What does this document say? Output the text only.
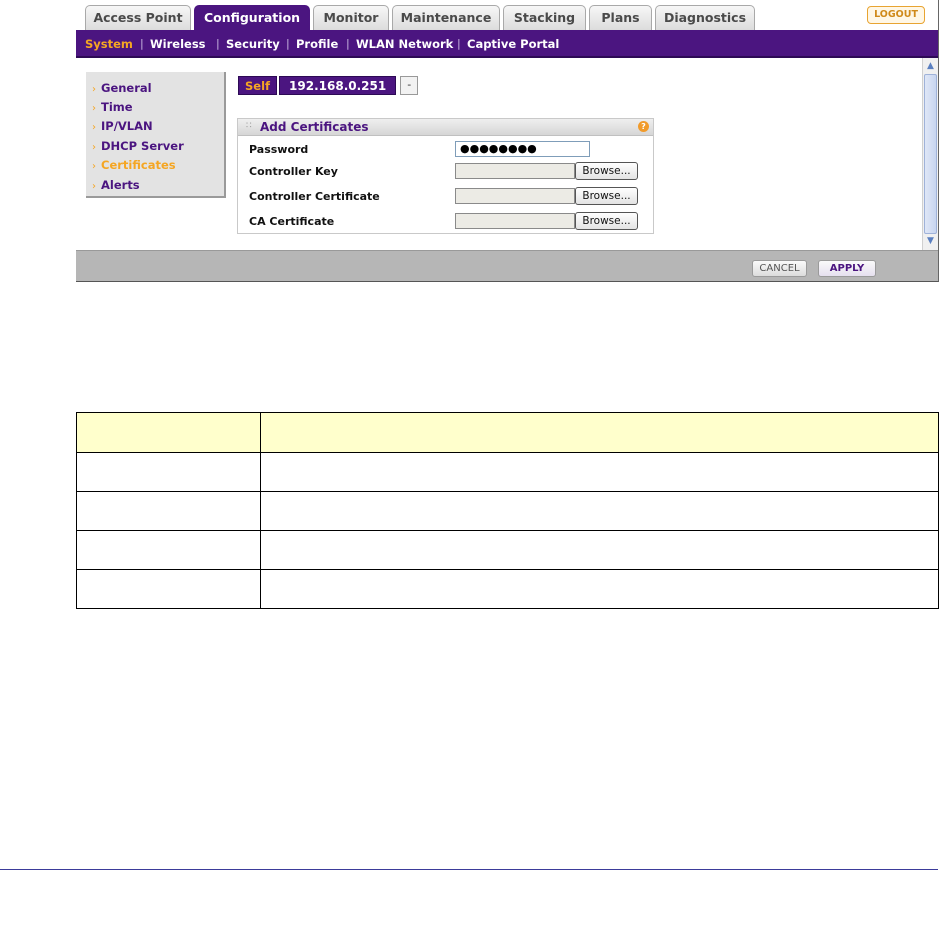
Access Point	Configuration	Monitor	Maintenance	Stacking	Plans	Diagnostics	LOGOUT
System | Wireless | Security | Profile | WLAN Network | Captive Portal
› General
› Time
› IP/VLAN
› DHCP Server
› Certificates
› Alerts
Self	192.168.0.251	-
∷ Add Certificates	?
Password	●●●●●●●●
Controller Key	Browse...
Controller Certificate	Browse...
CA Certificate	Browse...
▲
▼
CANCEL	APPLY
